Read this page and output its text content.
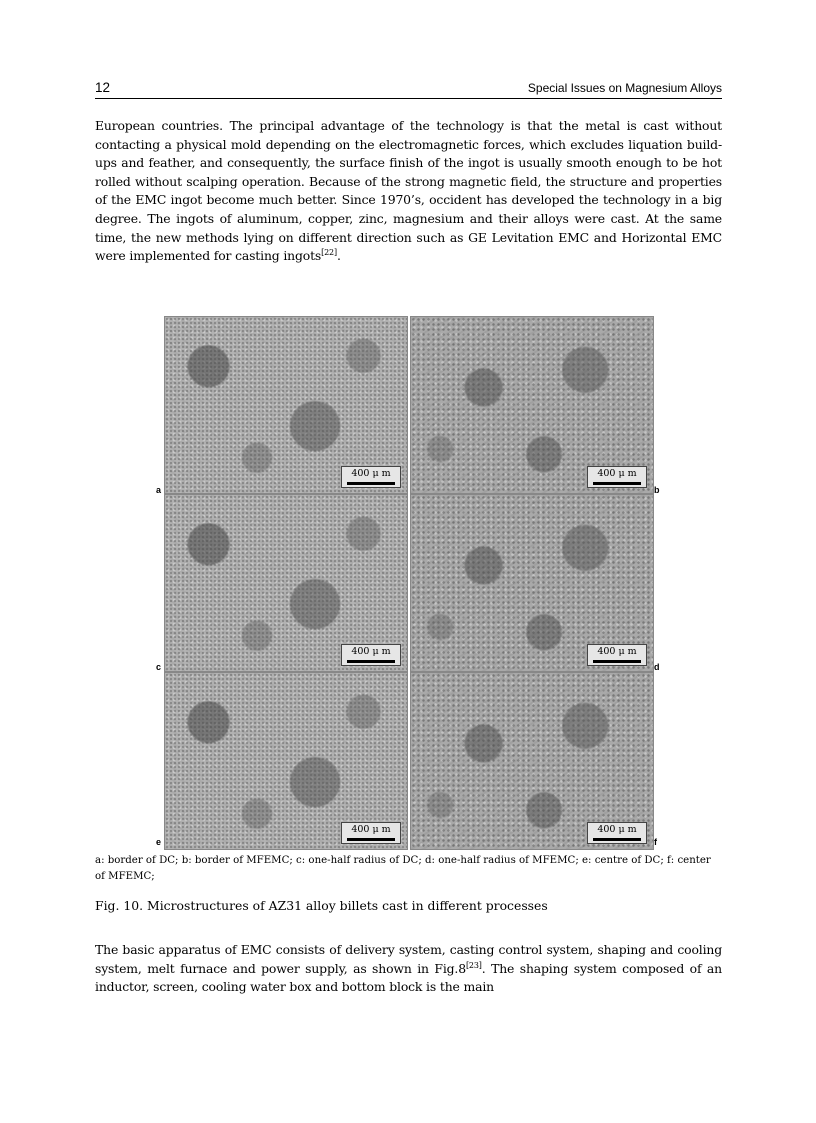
12	Special Issues on Magnesium Alloys

European countries. The principal advantage of the technology is that the metal is cast without contacting a physical mold depending on the electromagnetic forces, which excludes liquation build-ups and feather, and consequently, the surface finish of the ingot is usually smooth enough to be hot rolled without scalping operation. Because of the strong magnetic field, the structure and properties of the EMC ingot become much better. Since 1970’s, occident has developed the technology in a big degree. The ingots of aluminum, copper, zinc, magnesium and their alloys were cast. At the same time, the new methods lying on different direction such as GE Levitation EMC and Horizontal EMC were implemented for casting ingots[22].

400 μ m	400 μ m
400 μ m	400 μ m
400 μ m	400 μ m
a	b
c	d
e	f

a: border of DC; b: border of MFEMC; c: one-half radius of DC; d: one-half radius of MFEMC; e: centre of DC; f: center of MFEMC;

Fig. 10. Microstructures of AZ31 alloy billets cast in different processes

The basic apparatus of EMC consists of delivery system, casting control system, shaping and cooling system, melt furnace and power supply, as shown in Fig.8[23]. The shaping system composed of an inductor, screen, cooling water box and bottom block is the main
